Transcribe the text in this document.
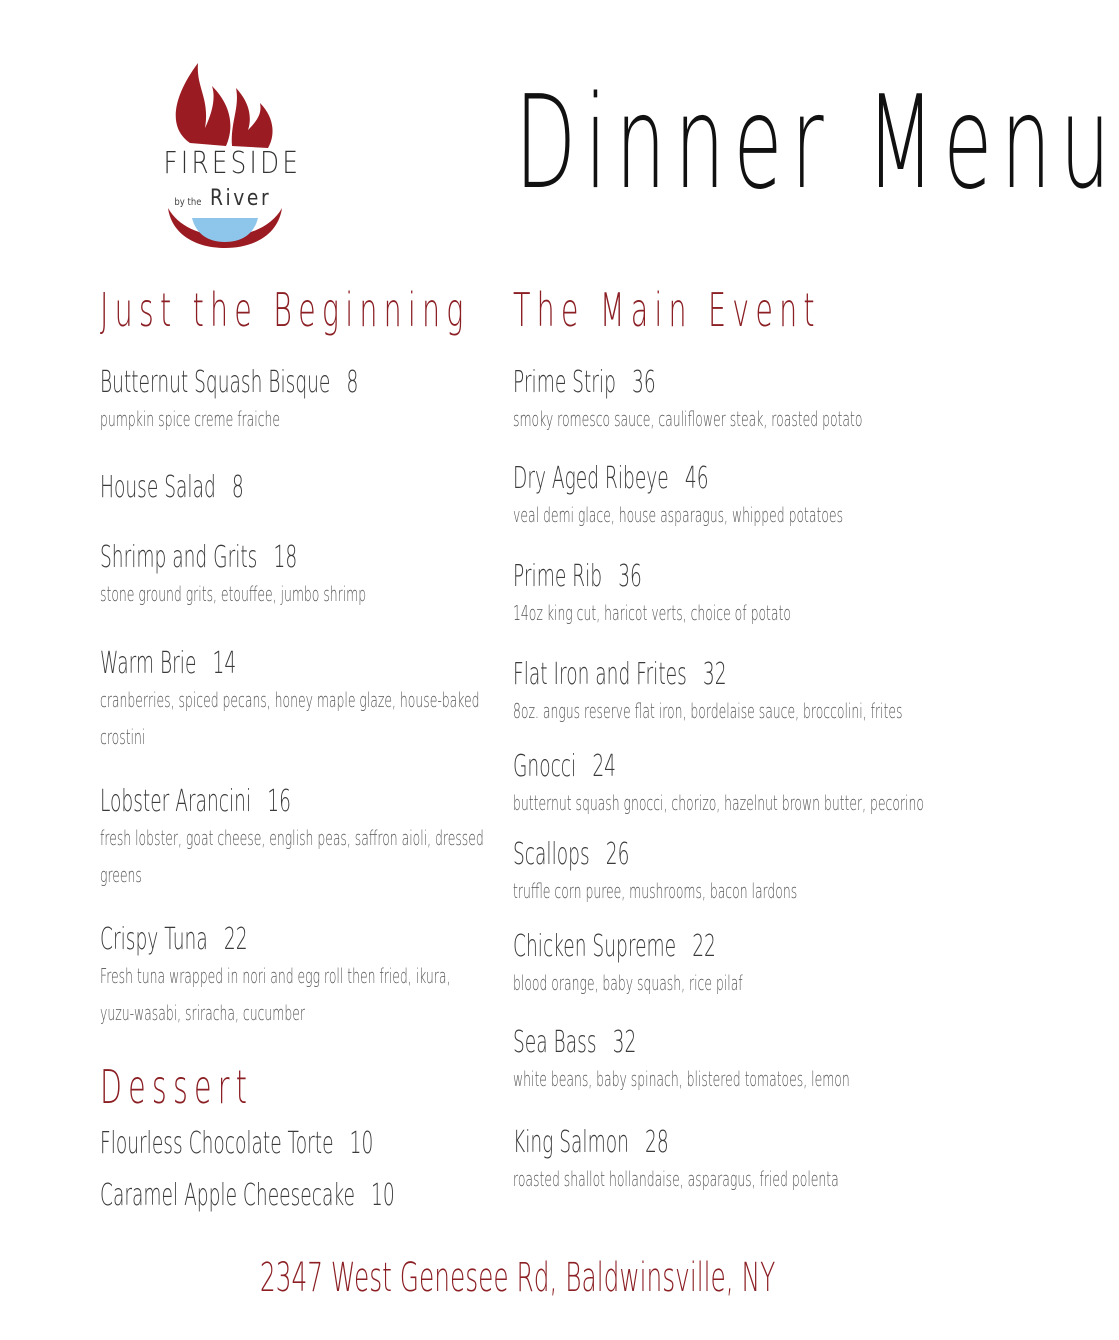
FIRESIDE
by the River Dinner Menu
Just the Beginning
Butternut Squash Bisque 8
pumpkin spice creme fraiche
House Salad 8
Shrimp and Grits 18
stone ground grits, etouffee, jumbo shrimp
Warm Brie 14
cranberries, spiced pecans, honey maple glaze, house-baked crostini
Lobster Arancini 16
fresh lobster, goat cheese, english peas, saffron aioli, dressed greens
Crispy Tuna 22
Fresh tuna wrapped in nori and egg roll then fried, ikura, yuzu-wasabi, sriracha, cucumber
Dessert
Flourless Chocolate Torte 10
Caramel Apple Cheesecake 10
The Main Event
Prime Strip 36
smoky romesco sauce, cauliflower steak, roasted potato
Dry Aged Ribeye 46
veal demi glace, house asparagus, whipped potatoes
Prime Rib 36
14oz king cut, haricot verts, choice of potato
Flat Iron and Frites 32
8oz. angus reserve flat iron, bordelaise sauce, broccolini, frites
Gnocci 24
butternut squash gnocci, chorizo, hazelnut brown butter, pecorino
Scallops 26
truffle corn puree, mushrooms, bacon lardons
Chicken Supreme 22
blood orange, baby squash, rice pilaf
Sea Bass 32
white beans, baby spinach, blistered tomatoes, lemon
King Salmon 28
roasted shallot hollandaise, asparagus, fried polenta
2347 West Genesee Rd, Baldwinsville, NY
